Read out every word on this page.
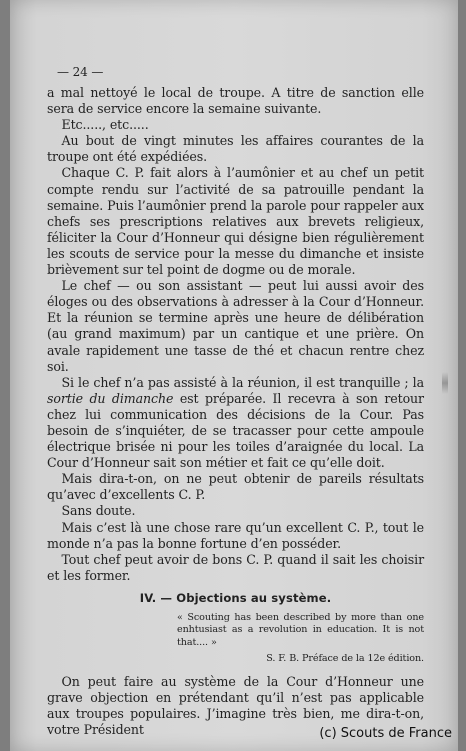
— 24 —

a mal nettoyé le local de troupe. A titre de sanction elle sera de service encore la semaine suivante.

Etc....., etc.....

Au bout de vingt minutes les affaires courantes de la troupe ont été expédiées.

Chaque C. P. fait alors à l’aumônier et au chef un petit compte rendu sur l’activité de sa patrouille pendant la semaine. Puis l’aumônier prend la parole pour rappeler aux chefs ses prescriptions relatives aux brevets religieux, féliciter la Cour d’Honneur qui désigne bien régulièrement les scouts de service pour la messe du dimanche et insiste brièvement sur tel point de dogme ou de morale.

Le chef — ou son assistant — peut lui aussi avoir des éloges ou des observations à adresser à la Cour d’Honneur. Et la réunion se termine après une heure de délibération (au grand maximum) par un cantique et une prière. On avale rapidement une tasse de thé et chacun rentre chez soi.

Si le chef n’a pas assisté à la réunion, il est tranquille ; la sortie du dimanche est préparée. Il recevra à son retour chez lui communication des décisions de la Cour. Pas besoin de s’inquiéter, de se tracasser pour cette ampoule électrique brisée ni pour les toiles d’araignée du local. La Cour d’Honneur sait son métier et fait ce qu’elle doit.

Mais dira-t-on, on ne peut obtenir de pareils résultats qu’avec d’excellents C. P.

Sans doute.

Mais c’est là une chose rare qu’un excellent C. P., tout le monde n’a pas la bonne fortune d’en posséder.

Tout chef peut avoir de bons C. P. quand il sait les choisir et les former.

IV. — Objections au système.
« Scouting has been described by more than one enhtusiast as a revolution in education. It is not that.... »
S. F. B. Préface de la 12e édition.

On peut faire au système de la Cour d’Honneur une grave objection en prétendant qu’il n’est pas applicable aux troupes populaires. J’imagine très bien, me dira-t-on, votre Président	(c) Scouts de France
